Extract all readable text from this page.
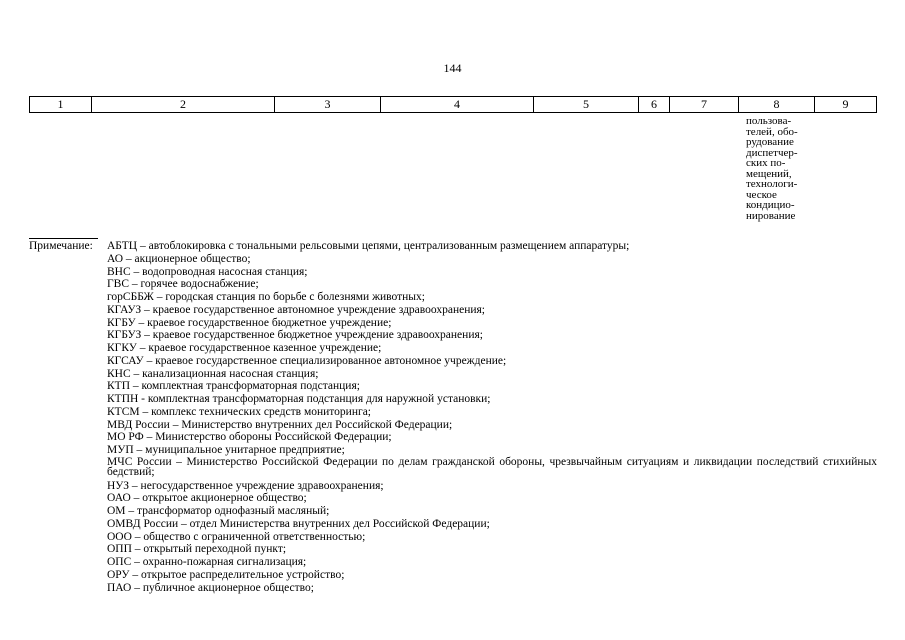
144
1	2	3	4	5	6	7	8	9
пользова-
телей, обо-
рудование
диспетчер-
ских по-
мещений,
технологи-
ческое
кондицио-
нирование
Примечание: АБТЦ – автоблокировка с тональными рельсовыми цепями, централизованным размещением аппаратуры;
АО – акционерное общество;
ВНС – водопроводная насосная станция;
ГВС – горячее водоснабжение;
горСББЖ – городская станция по борьбе с болезнями животных;
КГАУЗ – краевое государственное автономное учреждение здравоохранения;
КГБУ – краевое государственное бюджетное учреждение;
КГБУЗ – краевое государственное бюджетное учреждение здравоохранения;
КГКУ – краевое государственное казенное учреждение;
КГСАУ – краевое государственное специализированное автономное учреждение;
КНС – канализационная насосная станция;
КТП – комплектная трансформаторная подстанция;
КТПН - комплектная трансформаторная подстанция для наружной установки;
КТСМ – комплекс технических средств мониторинга;
МВД России – Министерство внутренних дел Российской Федерации;
МО РФ – Министерство обороны Российской Федерации;
МУП – муниципальное унитарное предприятие;
МЧС России – Министерство Российской Федерации по делам гражданской обороны, чрезвычайным ситуациям и ликвидации последствий стихийных бедствий;
НУЗ – негосударственное учреждение здравоохранения;
ОАО – открытое акционерное общество;
ОМ – трансформатор однофазный масляный;
ОМВД России – отдел Министерства внутренних дел Российской Федерации;
ООО – общество с ограниченной ответственностью;
ОПП – открытый переходной пункт;
ОПС – охранно-пожарная сигнализация;
ОРУ – открытое распределительное устройство;
ПАО – публичное акционерное общество;
